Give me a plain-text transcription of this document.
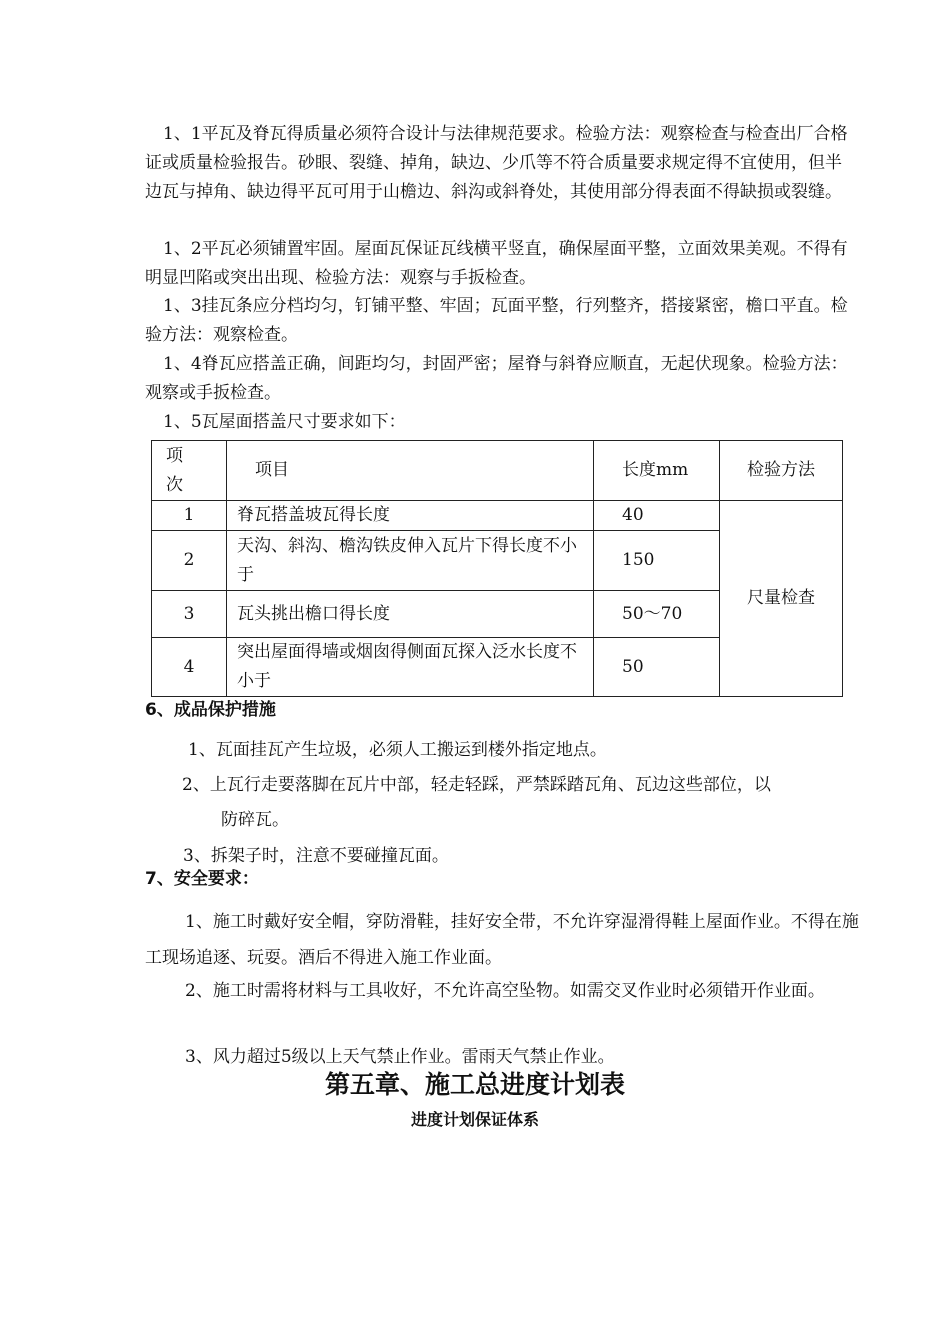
1、1平瓦及脊瓦得质量必须符合设计与法律规范要求。检验方法：观察检查与检查出厂合格证或质量检验报告。砂眼、裂缝、掉角，缺边、少爪等不符合质量要求规定得不宜使用，但半边瓦与掉角、缺边得平瓦可用于山檐边、斜沟或斜脊处，其使用部分得表面不得缺损或裂缝。

1、2平瓦必须铺置牢固。屋面瓦保证瓦线横平竖直，确保屋面平整，立面效果美观。不得有明显凹陷或突出出现、检验方法：观察与手扳检查。

1、3挂瓦条应分档均匀，钉铺平整、牢固；瓦面平整，行列整齐，搭接紧密，檐口平直。检验方法：观察检查。

1、4脊瓦应搭盖正确，间距均匀，封固严密；屋脊与斜脊应顺直，无起伏现象。检验方法：观察或手扳检查。

1、5瓦屋面搭盖尺寸要求如下：

项次	项目	长度mm	检验方法
1	脊瓦搭盖坡瓦得长度	40	尺量检查
2	天沟、斜沟、檐沟铁皮伸入瓦片下得长度不小于	150	
3	瓦头挑出檐口得长度	50～70	
4	突出屋面得墙或烟囱得侧面瓦探入泛水长度不小于	50	

6、成品保护措施

1、瓦面挂瓦产生垃圾，必须人工搬运到楼外指定地点。

2、上瓦行走要落脚在瓦片中部，轻走轻踩，严禁踩踏瓦角、瓦边这些部位，以

防碎瓦。

3、拆架子时，注意不要碰撞瓦面。

7、安全要求：

1、施工时戴好安全帽，穿防滑鞋，挂好安全带，不允许穿湿滑得鞋上屋面作业。不得在施工现场追逐、玩耍。酒后不得进入施工作业面。

2、施工时需将材料与工具收好，不允许高空坠物。如需交叉作业时必须错开作业面。

3、风力超过5级以上天气禁止作业。雷雨天气禁止作业。

第五章、施工总进度计划表
进度计划保证体系
